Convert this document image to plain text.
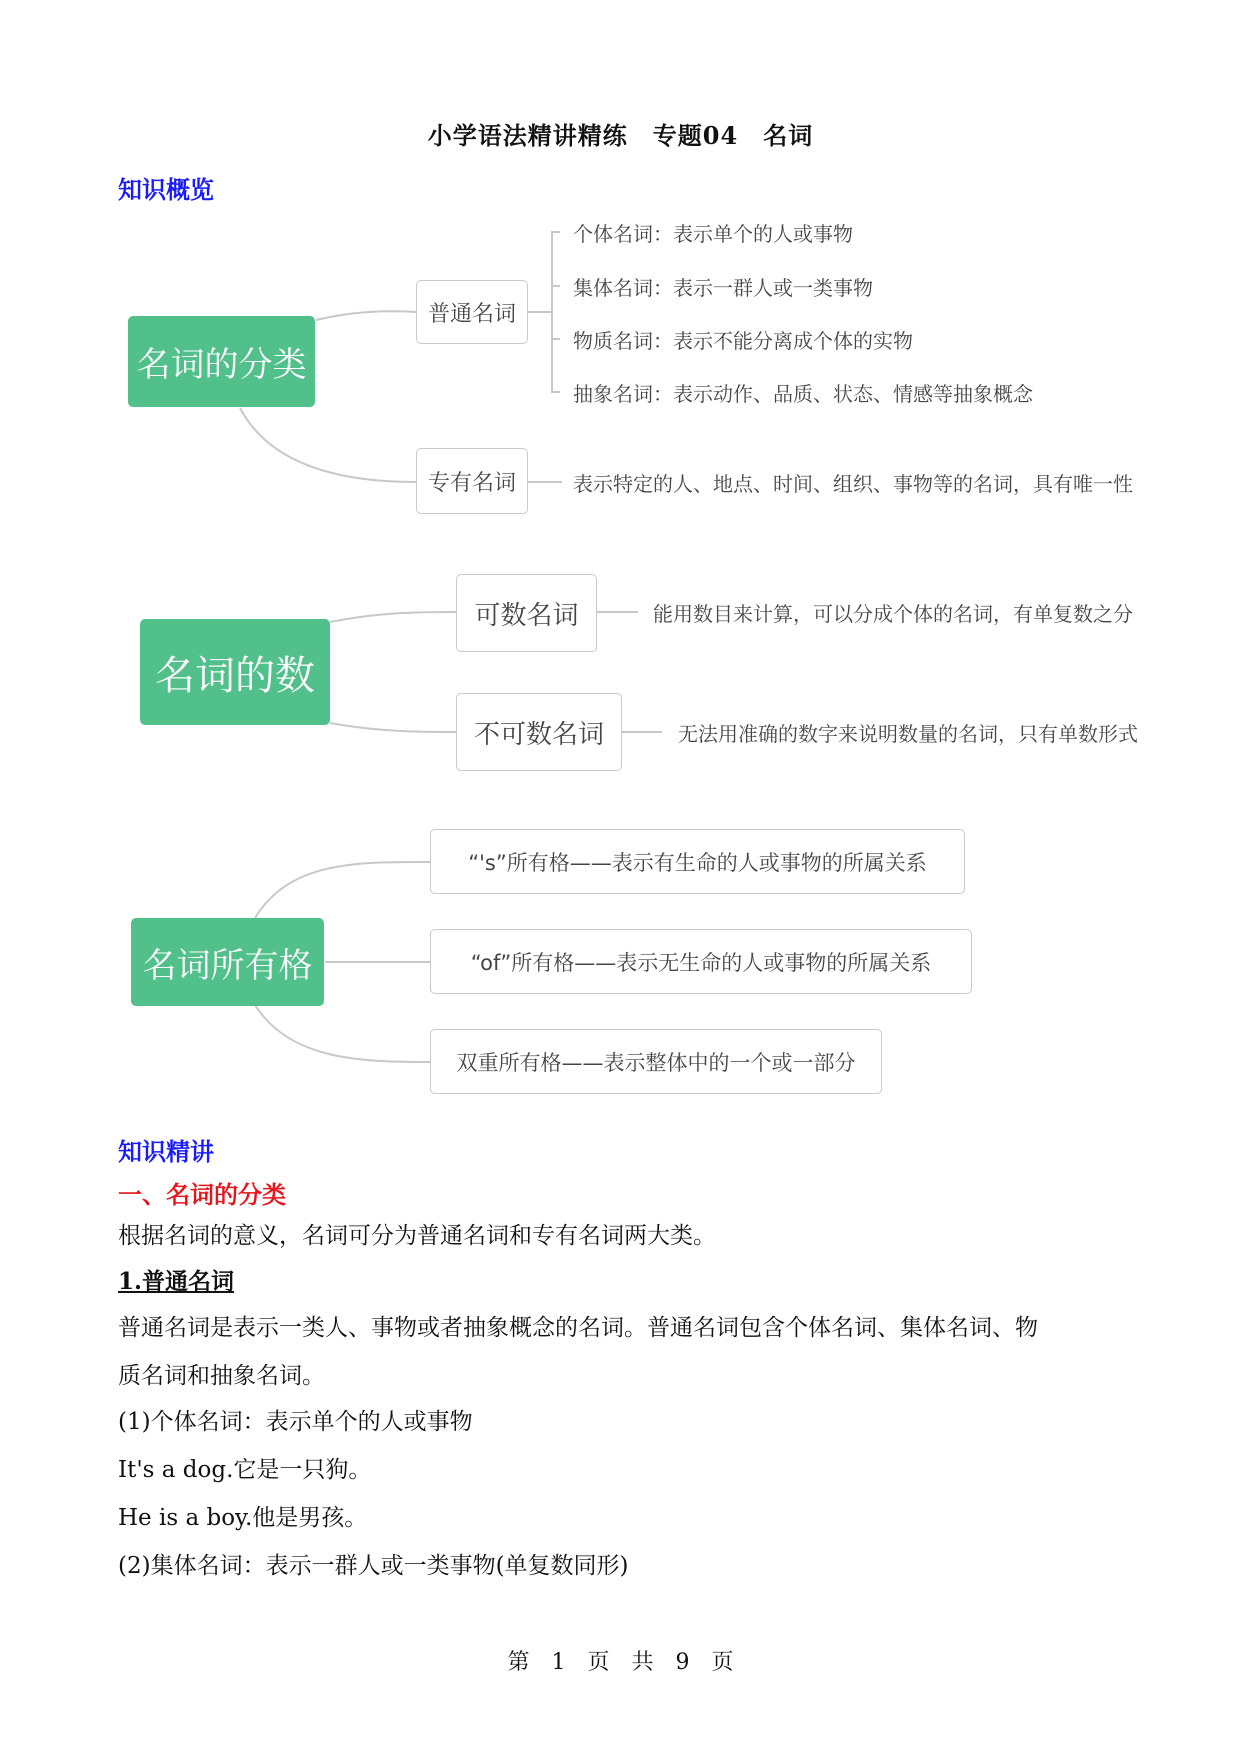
小学语法精讲精练　专题04　名词
知识概览
名词的分类
普通名词
专有名词
个体名词：表示单个的人或事物
集体名词：表示一群人或一类事物
物质名词：表示不能分离成个体的实物
抽象名词：表示动作、品质、状态、情感等抽象概念
表示特定的人、地点、时间、组织、事物等的名词，具有唯一性
名词的数
可数名词
不可数名词
能用数目来计算，可以分成个体的名词，有单复数之分
无法用准确的数字来说明数量的名词，只有单数形式
名词所有格
“'s”所有格——表示有生命的人或事物的所属关系
“of”所有格——表示无生命的人或事物的所属关系
双重所有格——表示整体中的一个或一部分
知识精讲
一、名词的分类
根据名词的意义，名词可分为普通名词和专有名词两大类。
1.普通名词
普通名词是表示一类人、事物或者抽象概念的名词。普通名词包含个体名词、集体名词、物
质名词和抽象名词。
(1)个体名词：表示单个的人或事物
It's a dog.它是一只狗。
He is a boy.他是男孩。
(2)集体名词：表示一群人或一类事物(单复数同形)
第　1　页　共　9　页
